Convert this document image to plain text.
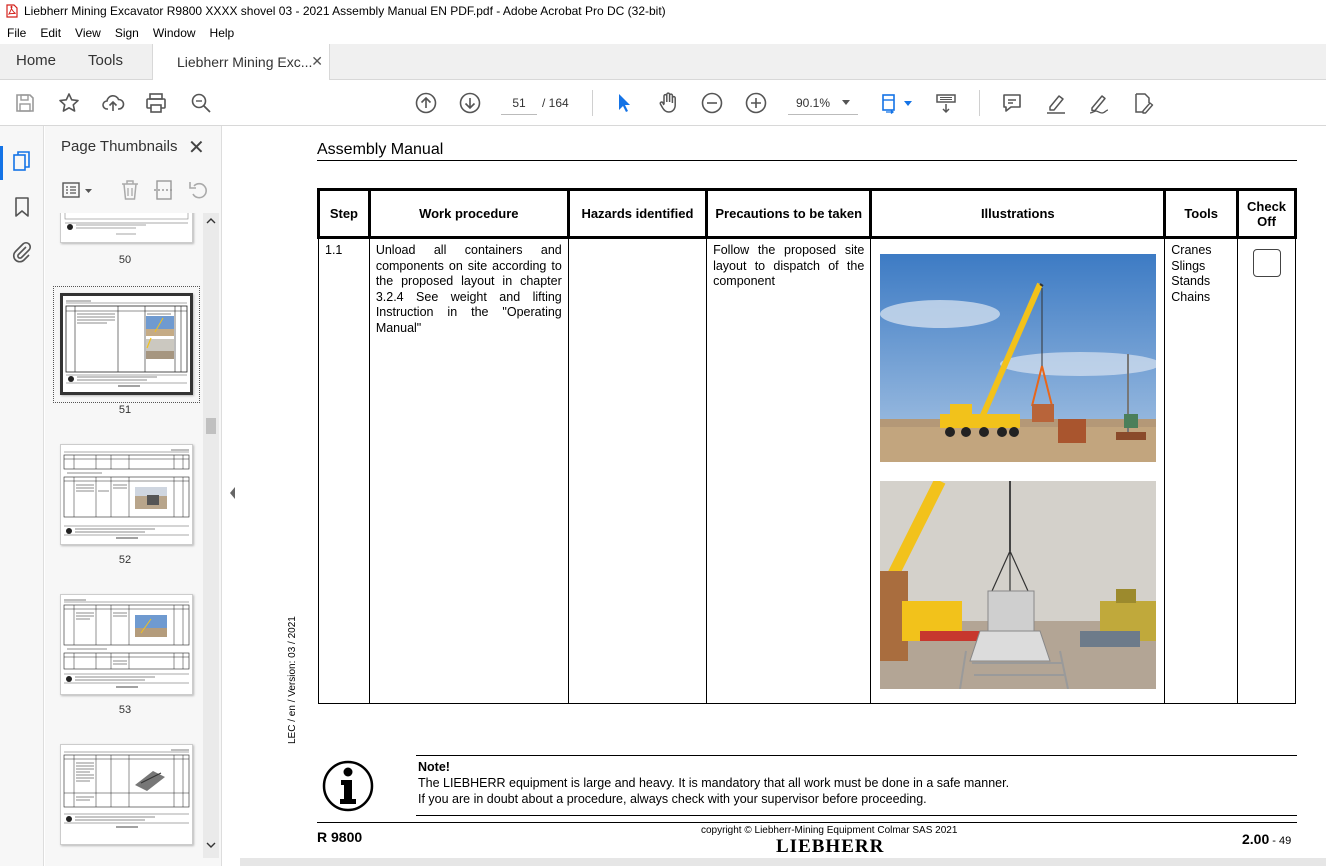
Liebherr Mining Excavator R9800 XXXX shovel 03 - 2021 Assembly Manual EN PDF.pdf - Adobe Acrobat Pro DC (32-bit)
File	Edit	View	Sign	Window	Help
Home Tools	Liebherr Mining Exc...
✕
51
/ 164	90.1%
Page Thumbnails ✕
50
51
52
53
Assembly Manual
LEC / en / Version: 03 / 2021
Step	Work procedure	Hazards identified	Precautions to be taken	Illustrations	Tools	Check Off
1.1	Unload all containers and components on site according to the proposed layout in chapter 3.2.4 See weight and lifting Instruction in the "Operating Manual"		Follow the proposed site layout to dispatch of the component		Cranes
Slings
Stands
Chains	

Note!
The LIEBHERR equipment is large and heavy. It is mandatory that all work must be done in a safe manner.
If you are in doubt about a procedure, always check with your supervisor before proceeding.
R 9800	copyright © Liebherr-Mining Equipment Colmar SAS 2021
LIEBHERR	2.00 - 49
